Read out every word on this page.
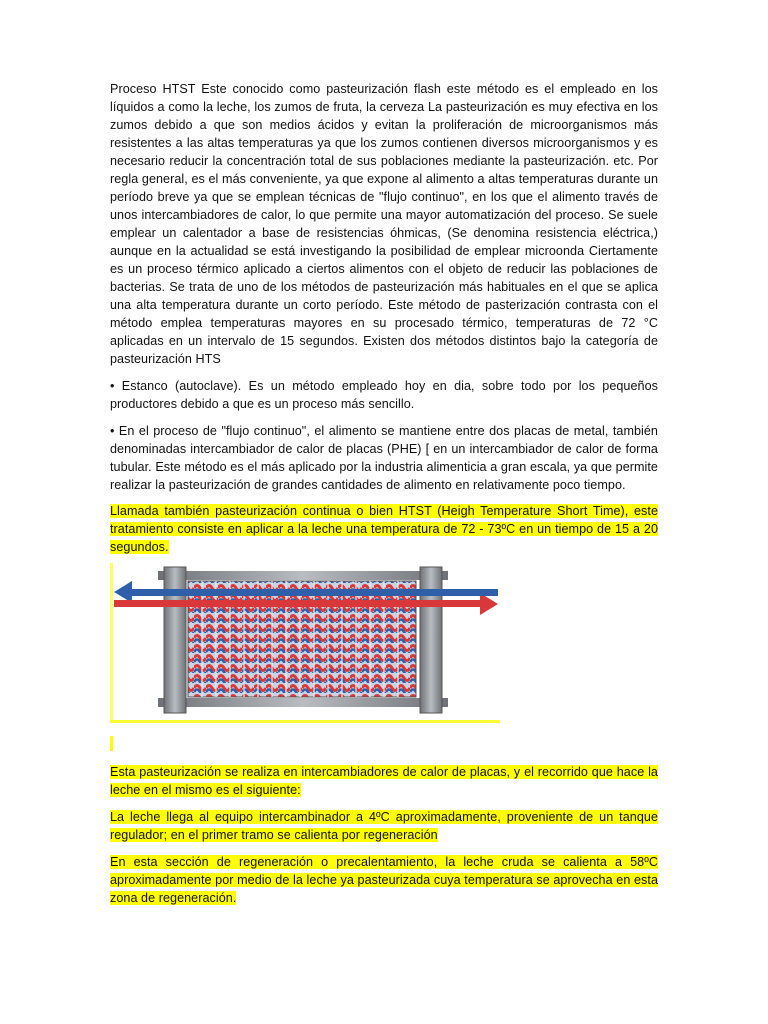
Proceso HTST Este conocido como pasteurización flash este método es el empleado en los líquidos a como la leche, los zumos de fruta, la cerveza La pasteurización es muy efectiva en los zumos debido a que son medios ácidos y evitan la proliferación de microorganismos más resistentes a las altas temperaturas ya que los zumos contienen diversos microorganismos y es necesario reducir la concentración total de sus poblaciones mediante la pasteurización. etc. Por regla general, es el más conveniente, ya que expone al alimento a altas temperaturas durante un período breve ya que se emplean técnicas de "flujo continuo", en los que el alimento través de unos intercambiadores de calor, lo que permite una mayor automatización del proceso. Se suele emplear un calentador a base de resistencias óhmicas, (Se denomina resistencia eléctrica,) aunque en la actualidad se está investigando la posibilidad de emplear microonda Ciertamente es un proceso térmico aplicado a ciertos alimentos con el objeto de reducir las poblaciones de bacterias. Se trata de uno de los métodos de pasteurización más habituales en el que se aplica una alta temperatura durante un corto período. Este método de pasterización contrasta con el método emplea temperaturas mayores en su procesado térmico, temperaturas de 72 °C aplicadas en un intervalo de 15 segundos. Existen dos métodos distintos bajo la categoría de pasteurización HTS
• Estanco (autoclave). Es un método empleado hoy en dia, sobre todo por los pequeños productores debido a que es un proceso más sencillo.
• En el proceso de "flujo continuo", el alimento se mantiene entre dos placas de metal, también denominadas intercambiador de calor de placas (PHE) [ en un intercambiador de calor de forma tubular. Este método es el más aplicado por la industria alimenticia a gran escala, ya que permite realizar la pasteurización de grandes cantidades de alimento en relativamente poco tiempo.
Llamada también pasteurización continua o bien HTST (Heigh Temperature Short Time), este tratamiento consiste en aplicar a la leche una temperatura de 72 - 73ºC en un tiempo de 15 a 20 segundos.
Esta pasteurización se realiza en intercambiadores de calor de placas, y el recorrido que hace la leche en el mismo es el siguiente:
La leche llega al equipo intercambinador a 4ºC aproximadamente, proveniente de un tanque regulador; en el primer tramo se calienta por regeneración
En esta sección de regeneración o precalentamiento, la leche cruda se calienta a 58ºC aproximadamente por medio de la leche ya pasteurizada cuya temperatura se aprovecha en esta zona de regeneración.
